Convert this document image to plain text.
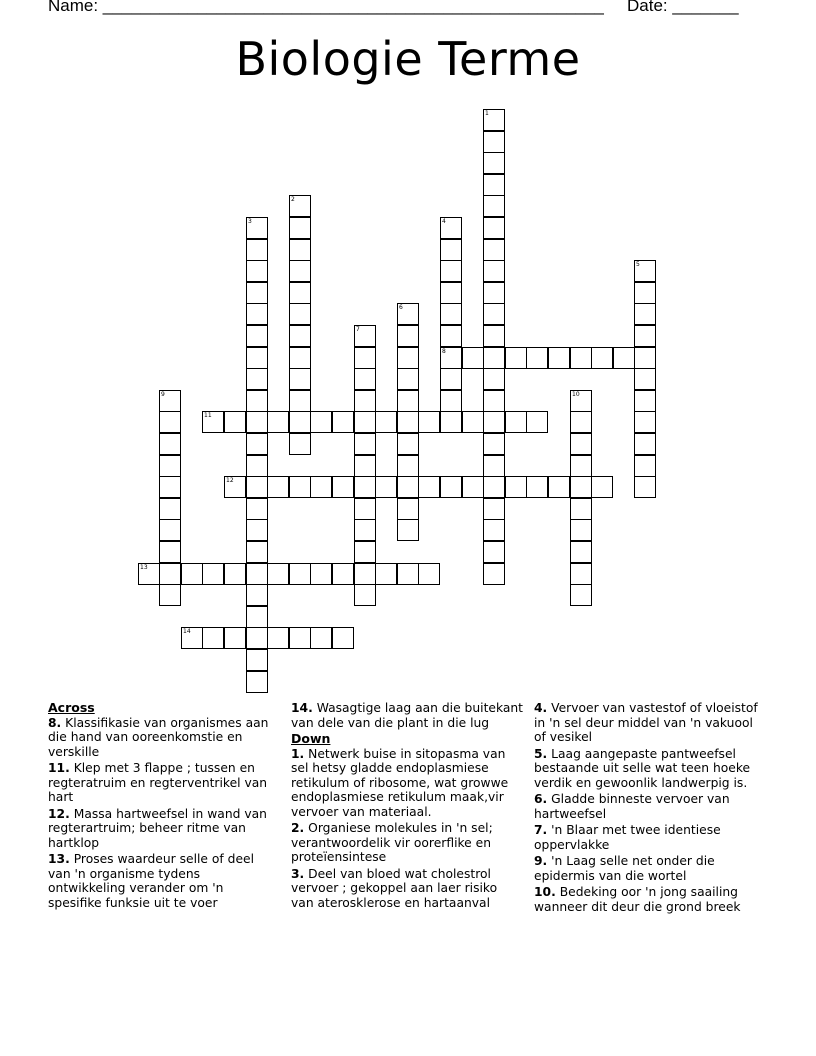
Name: _____________________________________________________ Date: _______
Biologie Terme
1
2
3	4
8
5
6
7
9	10
11
12
13
14

Across

8. Klassifikasie van organismes aan die hand van ooreenkomstie en verskille

11. Klep met 3 flappe ; tussen en regteratruim en regterventrikel van hart

12. Massa hartweefsel in wand van regterartruim; beheer ritme van hartklop

13. Proses waardeur selle of deel van 'n organisme tydens ontwikkeling verander om 'n spesifike funksie uit te voer

14. Wasagtige laag aan die buitekant van dele van die plant in die lug

Down

1. Netwerk buise in sitopasma van sel hetsy gladde endoplasmiese retikulum of ribosome, wat growwe endoplasmiese retikulum maak,vir vervoer van materiaal.

2. Organiese molekules in 'n sel; verantwoordelik vir oorerflike en proteïensintese

3. Deel van bloed wat cholestrol vervoer ; gekoppel aan laer risiko van aterosklerose en hartaanval

4. Vervoer van vastestof of vloeistof in 'n sel deur middel van 'n vakuool of vesikel

5. Laag aangepaste pantweefsel bestaande uit selle wat teen hoeke verdik en gewoonlik landwerpig is.

6. Gladde binneste vervoer van hartweefsel

7. 'n Blaar met twee identiese oppervlakke

9. 'n Laag selle net onder die epidermis van die wortel

10. Bedeking oor 'n jong saailing wanneer dit deur die grond breek
